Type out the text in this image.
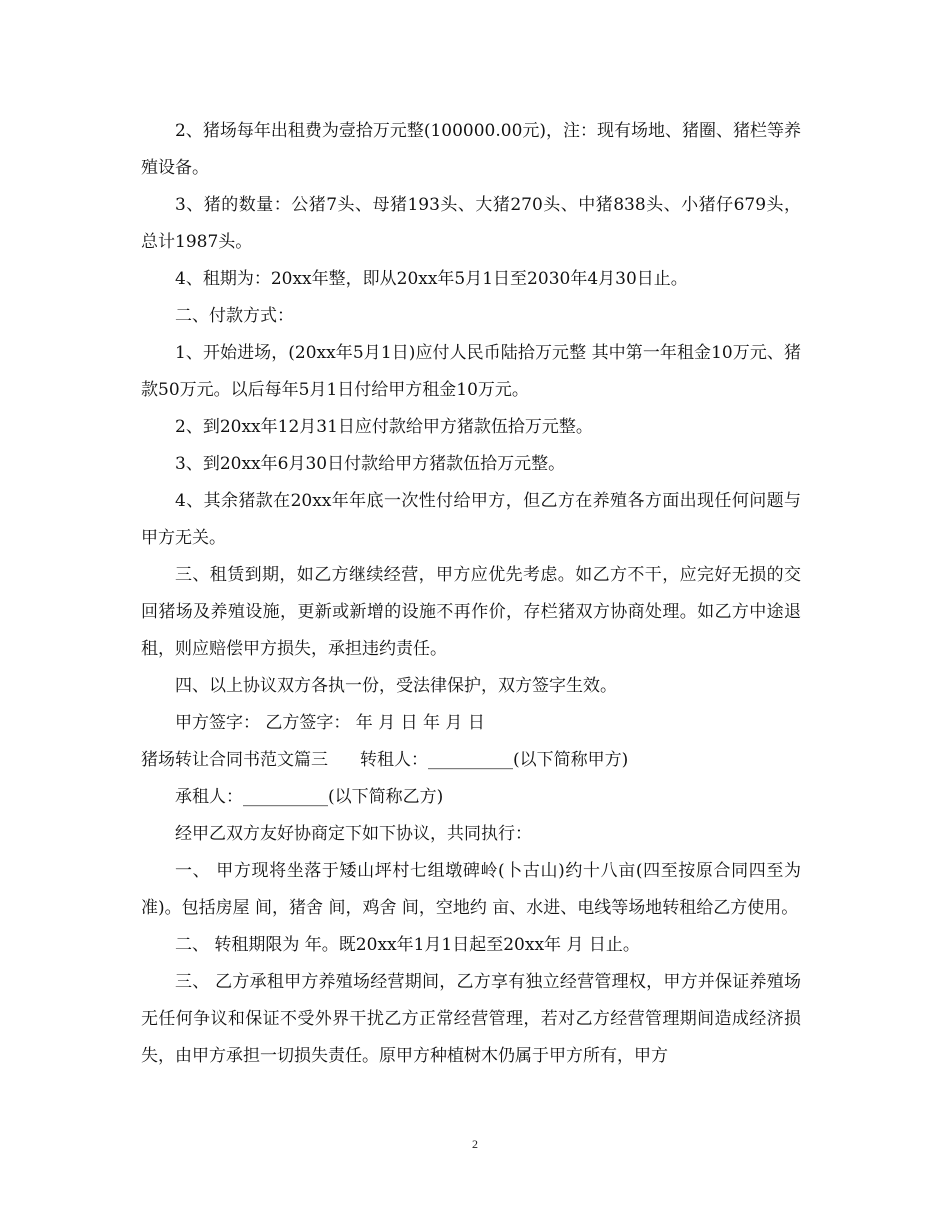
2、猪场每年出租费为壹拾万元整(100000.00元)，注：现有场地、猪圈、猪栏等养殖设备。

3、猪的数量：公猪7头、母猪193头、大猪270头、中猪838头、小猪仔679头，总计1987头。

4、租期为：20xx年整，即从20xx年5月1日至2030年4月30日止。

二、付款方式：

1、开始进场，(20xx年5月1日)应付人民币陆拾万元整 其中第一年租金10万元、猪款50万元。以后每年5月1日付给甲方租金10万元。

2、到20xx年12月31日应付款给甲方猪款伍拾万元整。

3、到20xx年6月30日付款给甲方猪款伍拾万元整。

4、其余猪款在20xx年年底一次性付给甲方，但乙方在养殖各方面出现任何问题与甲方无关。

三、租赁到期，如乙方继续经营，甲方应优先考虑。如乙方不干，应完好无损的交回猪场及养殖设施，更新或新增的设施不再作价，存栏猪双方协商处理。如乙方中途退租，则应赔偿甲方损失，承担违约责任。

四、以上协议双方各执一份，受法律保护，双方签字生效。

甲方签字： 乙方签字： 年 月 日 年 月 日

猪场转让合同书范文篇三 转租人：__________(以下简称甲方)

承租人：__________(以下简称乙方)

经甲乙双方友好协商定下如下协议，共同执行：

一、 甲方现将坐落于矮山坪村七组墩碑岭(卜古山)约十八亩(四至按原合同四至为准)。包括房屋 间，猪舍 间，鸡舍 间，空地约 亩、水进、电线等场地转租给乙方使用。

二、 转租期限为 年。既20xx年1月1日起至20xx年 月 日止。

三、 乙方承租甲方养殖场经营期间，乙方享有独立经营管理权，甲方并保证养殖场无任何争议和保证不受外界干扰乙方正常经营管理，若对乙方经营管理期间造成经济损失，由甲方承担一切损失责任。原甲方种植树木仍属于甲方所有，甲方

2
